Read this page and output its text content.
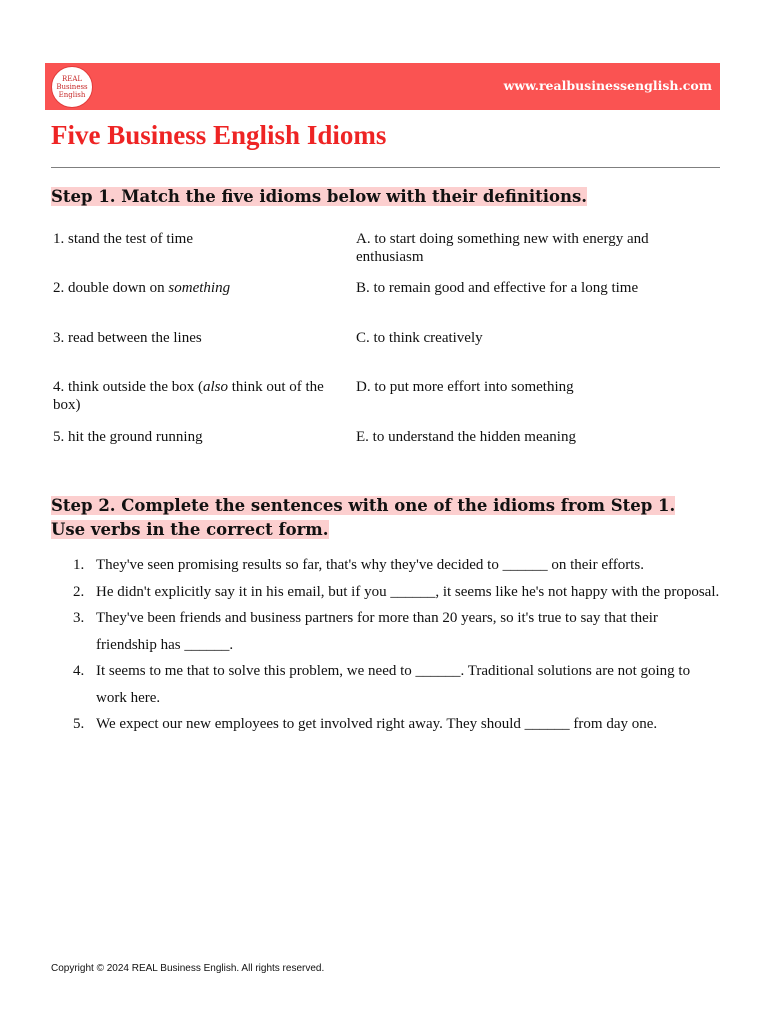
REAL
Business
English
www.realbusinessenglish.com
Five Business English Idioms
Step 1. Match the five idioms below with their definitions.

1. stand the test of time

2. double down on something

3. read between the lines

4. think outside the box (also think out of the box)

5. hit the ground running

A. to start doing something new with energy and enthusiasm

B. to remain good and effective for a long time

C. to think creatively

D. to put more effort into something

E. to understand the hidden meaning

Step 2. Complete the sentences with one of the idioms from Step 1.
Use verbs in the correct form.
1. They've seen promising results so far, that's why they've decided to ______ on their efforts.
2. He didn't explicitly say it in his email, but if you ______, it seems like he's not happy with the proposal.
3. They've been friends and business partners for more than 20 years, so it's true to say that their friendship has ______.
4. It seems to me that to solve this problem, we need to ______. Traditional solutions are not going to work here.
5. We expect our new employees to get involved right away. They should ______ from day one.
Copyright © 2024 REAL Business English. All rights reserved.
